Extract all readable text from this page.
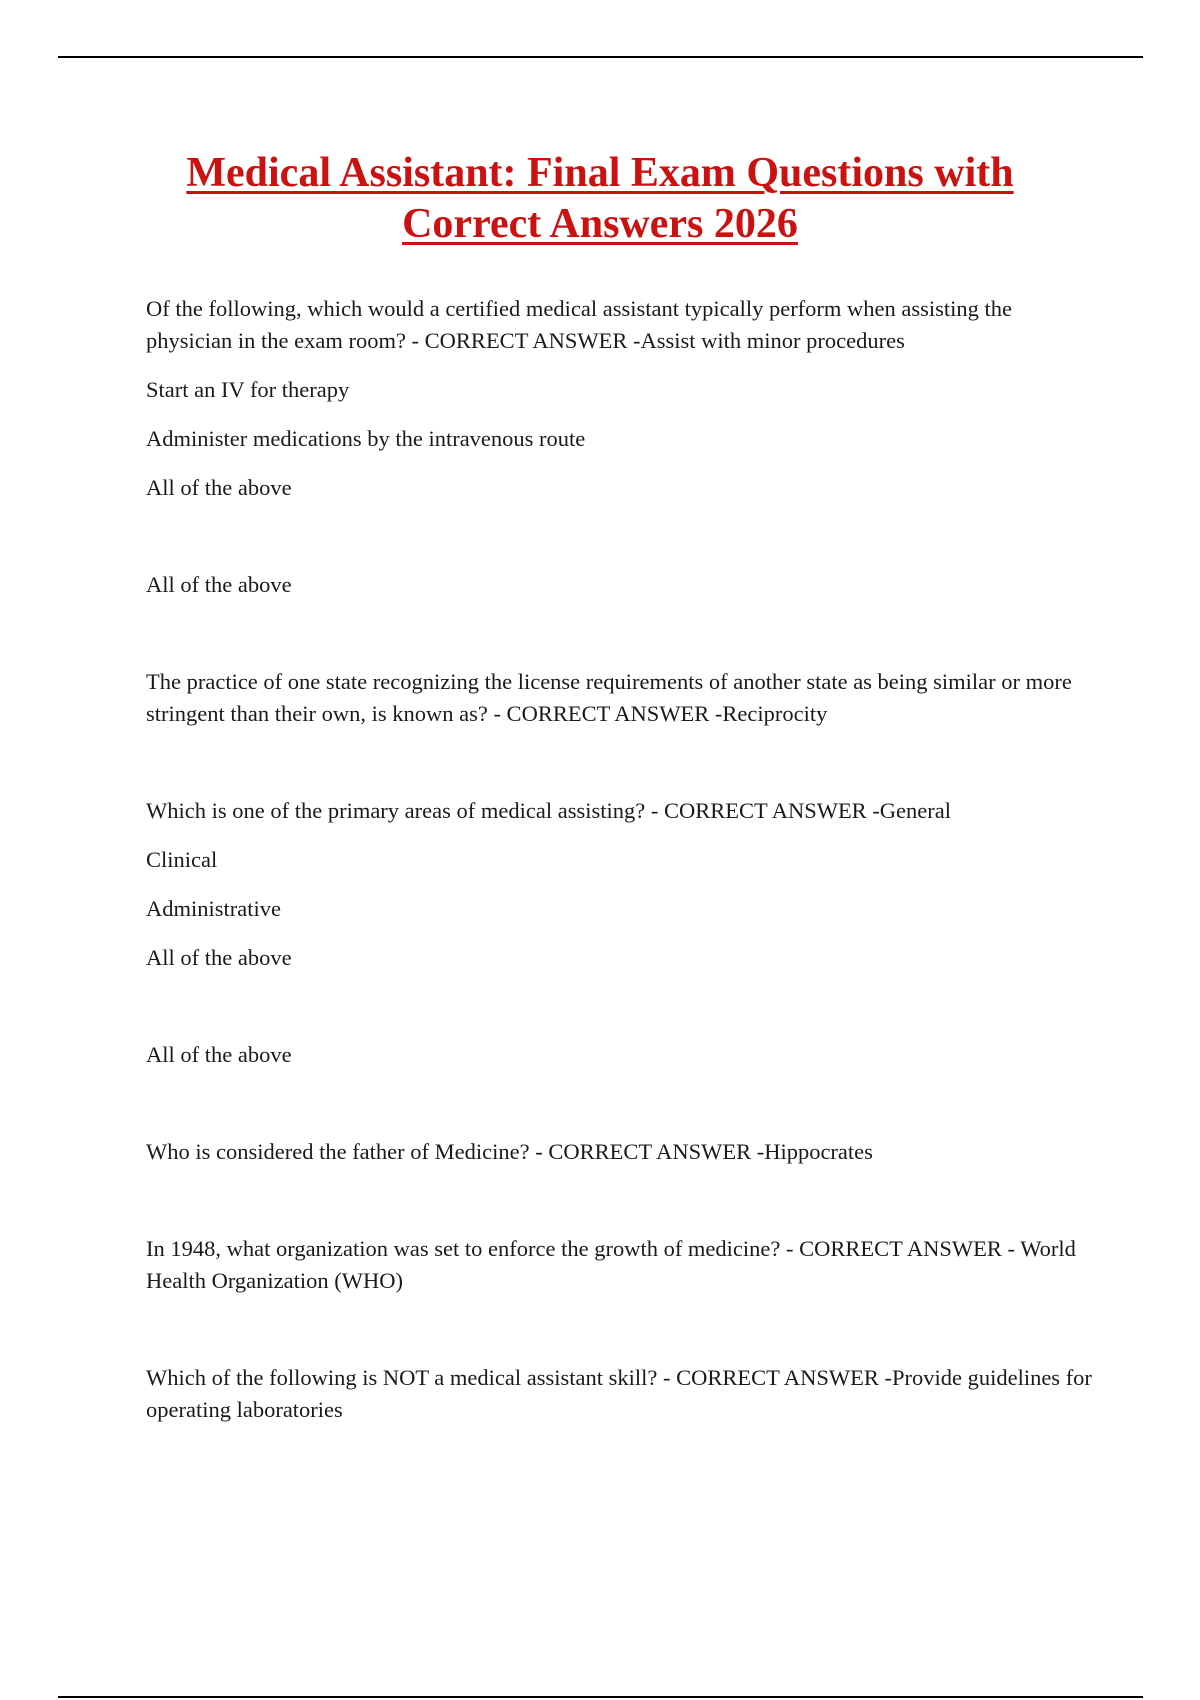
Medical Assistant: Final Exam Questions with
Correct Answers 2026

Of the following, which would a certified medical assistant typically perform when assisting the physician in the exam room? - CORRECT ANSWER -Assist with minor procedures

Start an IV for therapy

Administer medications by the intravenous route

All of the above

All of the above

The practice of one state recognizing the license requirements of another state as being similar or more stringent than their own, is known as? - CORRECT ANSWER -Reciprocity

Which is one of the primary areas of medical assisting? - CORRECT ANSWER -General

Clinical

Administrative

All of the above

All of the above

Who is considered the father of Medicine? - CORRECT ANSWER -Hippocrates

In 1948, what organization was set to enforce the growth of medicine? - CORRECT ANSWER - World Health Organization (WHO)

Which of the following is NOT a medical assistant skill? - CORRECT ANSWER -Provide guidelines for operating laboratories
